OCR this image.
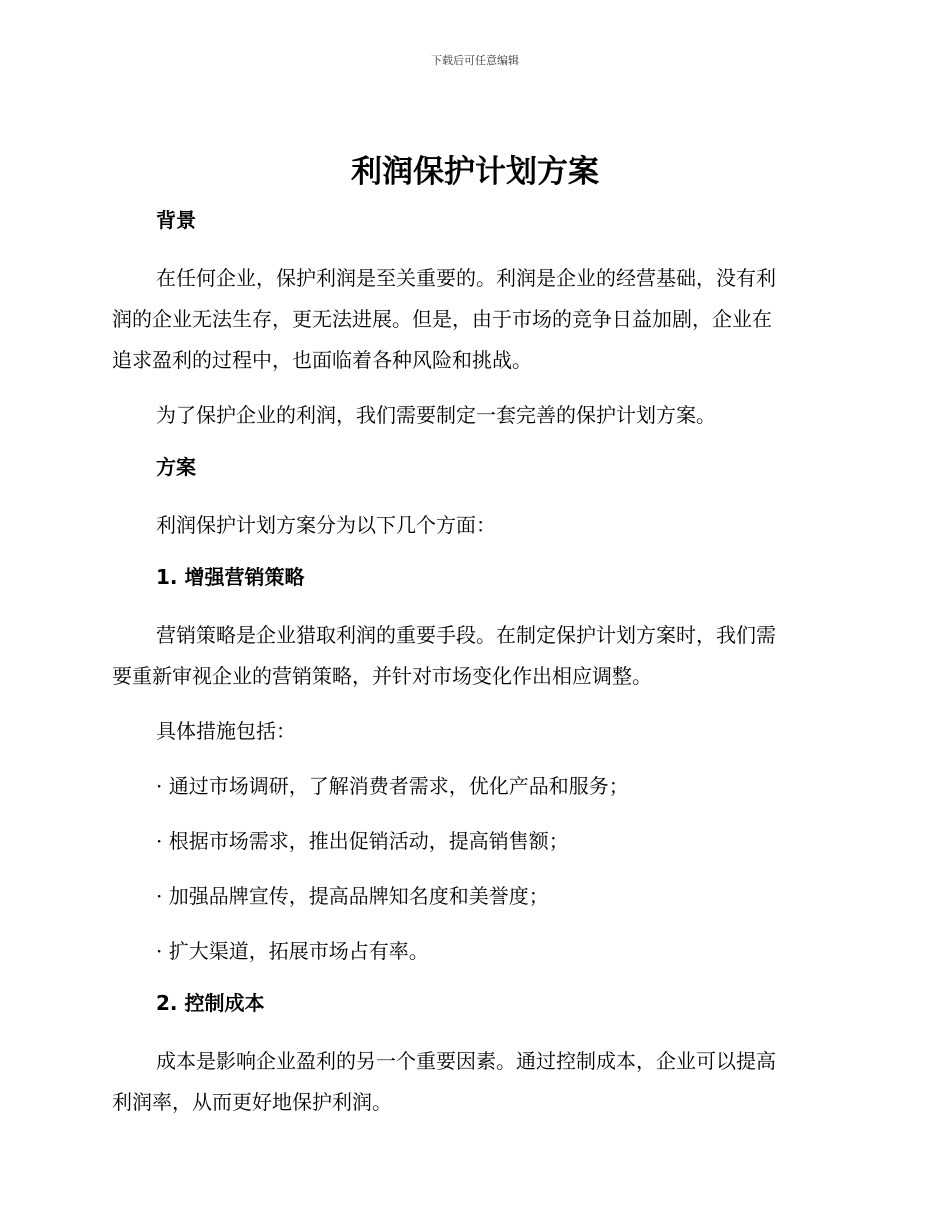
下载后可任意编辑
利润保护计划方案
背景

在任何企业，保护利润是至关重要的。利润是企业的经营基础，没有利

润的企业无法生存，更无法进展。但是，由于市场的竞争日益加剧，企业在

追求盈利的过程中，也面临着各种风险和挑战。

为了保护企业的利润，我们需要制定一套完善的保护计划方案。

方案

利润保护计划方案分为以下几个方面：

1. 增强营销策略

营销策略是企业猎取利润的重要手段。在制定保护计划方案时，我们需

要重新审视企业的营销策略，并针对市场变化作出相应调整。

具体措施包括：

· 通过市场调研，了解消费者需求，优化产品和服务；

· 根据市场需求，推出促销活动，提高销售额；

· 加强品牌宣传，提高品牌知名度和美誉度；

· 扩大渠道，拓展市场占有率。

2. 控制成本

成本是影响企业盈利的另一个重要因素。通过控制成本，企业可以提高

利润率，从而更好地保护利润。
